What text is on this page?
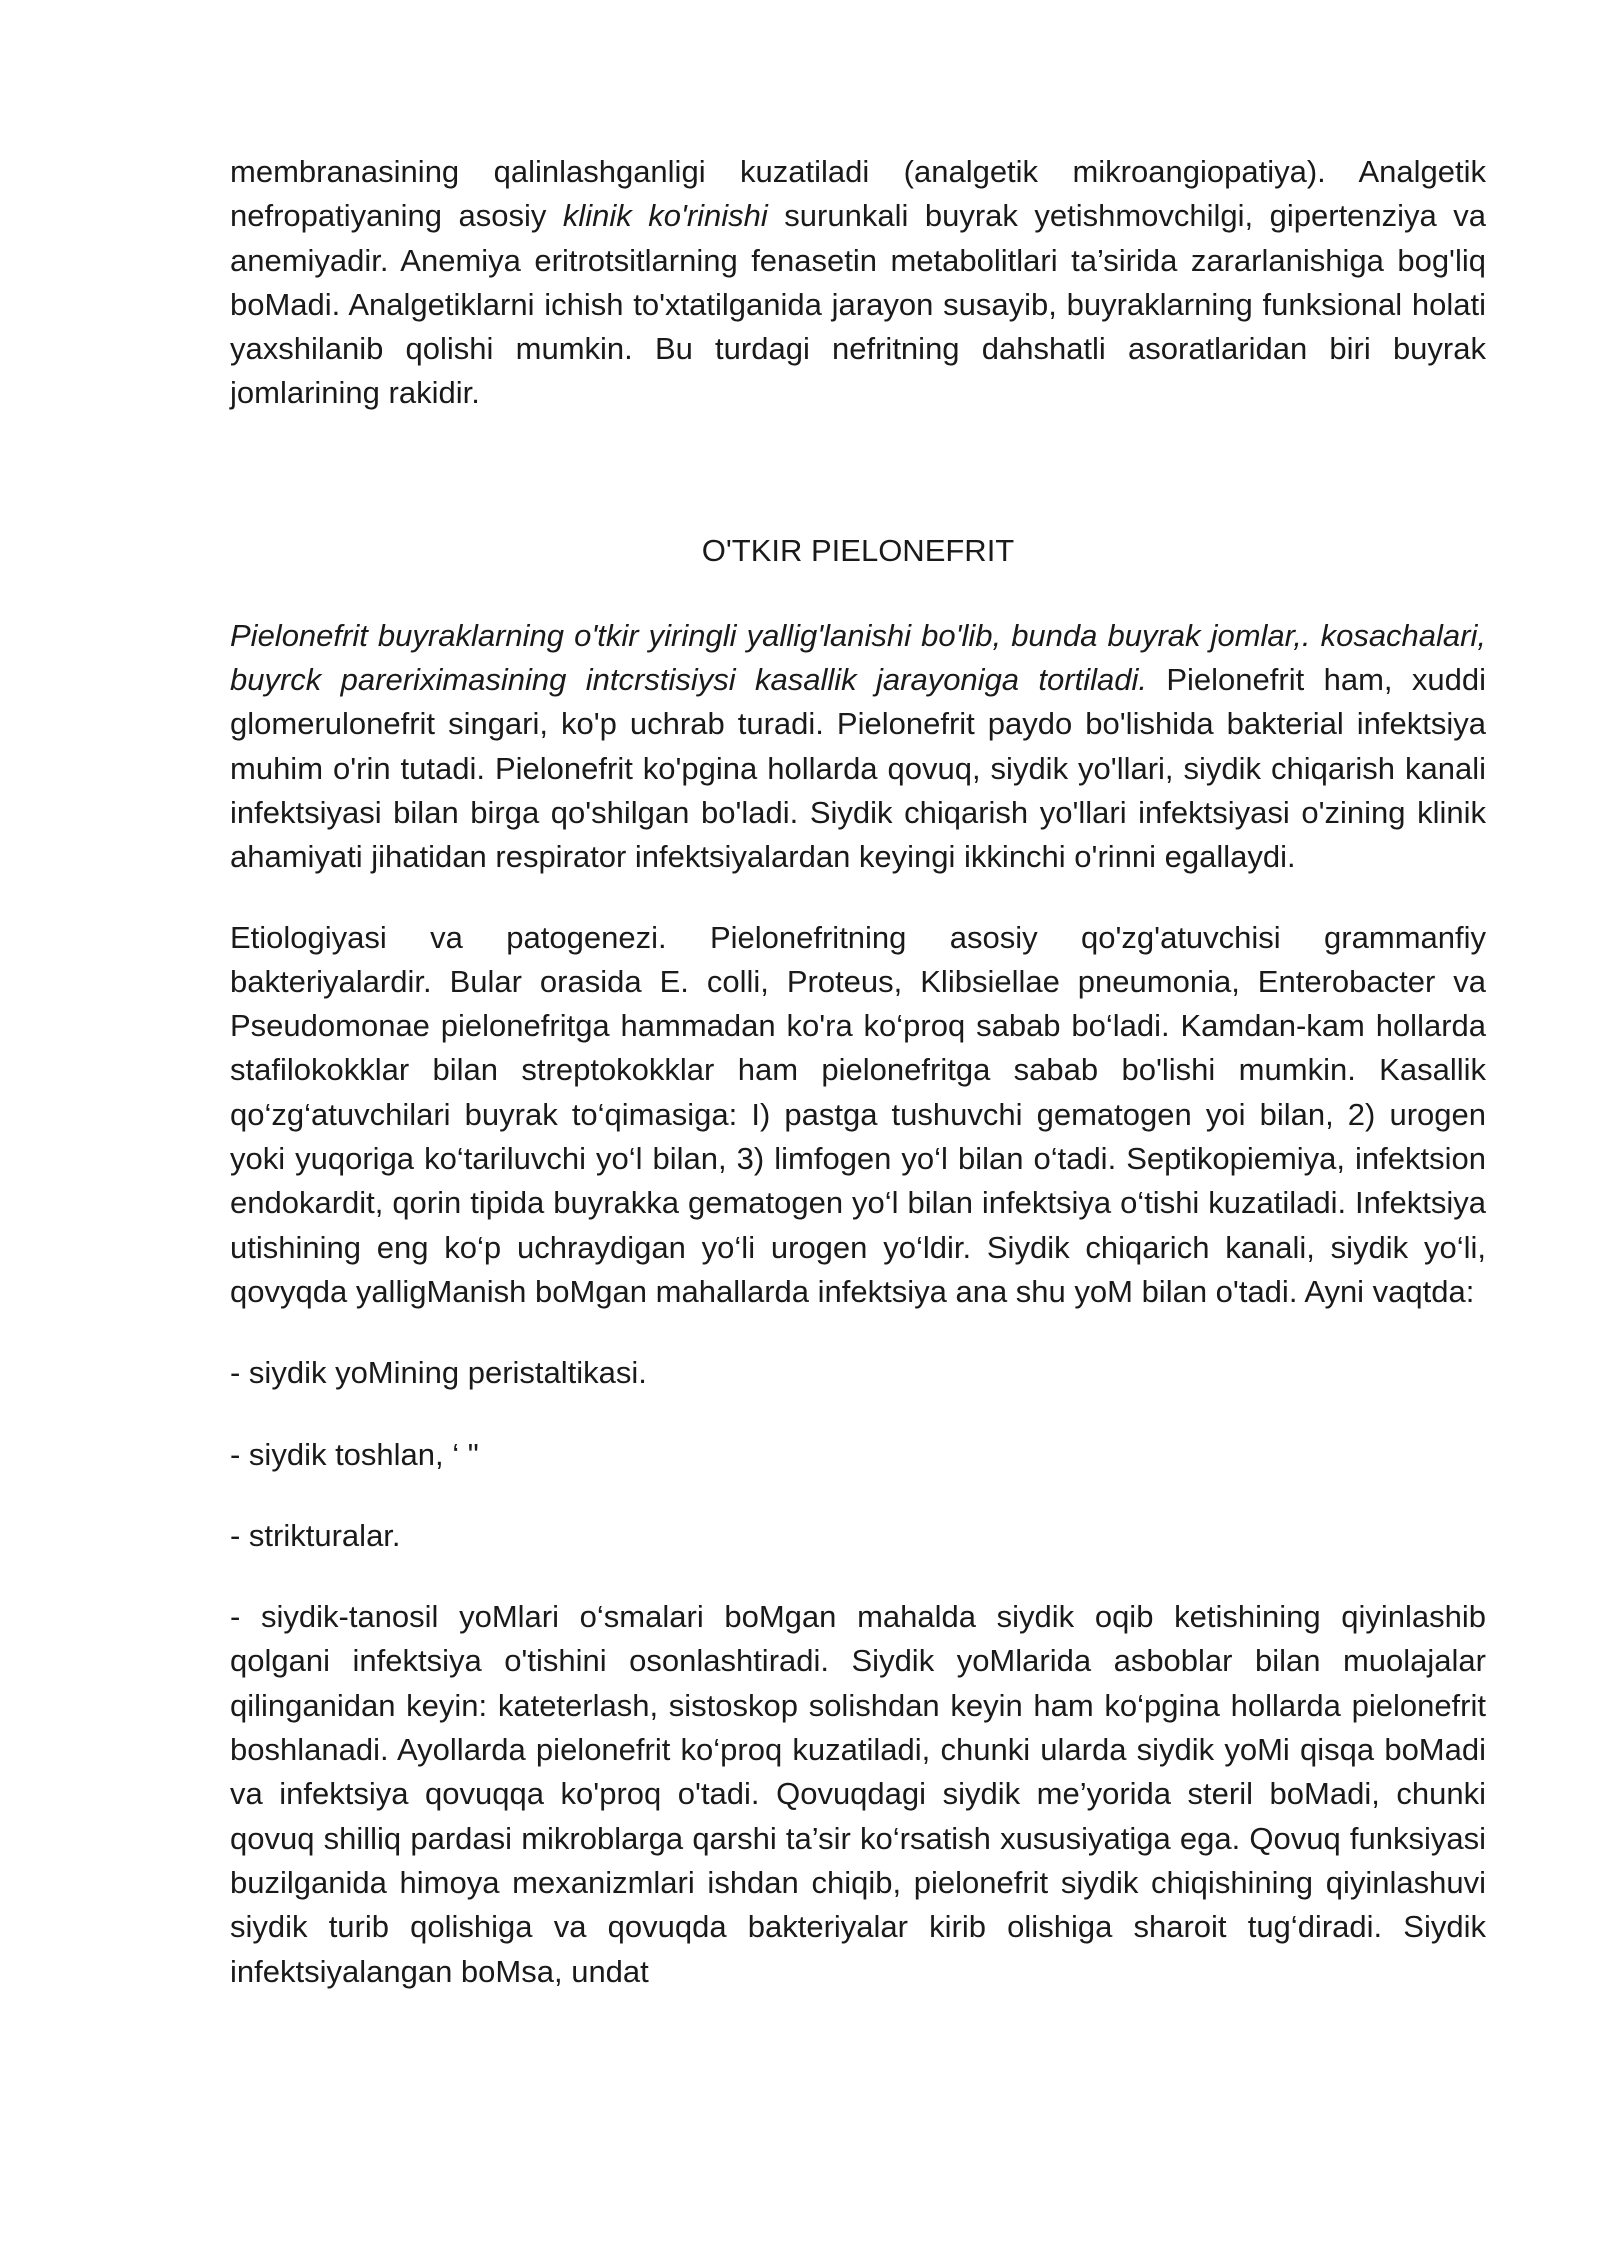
membranasining qalinlashganligi kuzatiladi (analgetik mikroangiopatiya). Analgetik nefropatiyaning asosiy klinik ko'rinishi surunkali buyrak yetishmovchilgi, gipertenziya va anemiyadir. Anemiya eritrotsitlarning fenasetin metabolitlari ta’sirida zararlanishiga bog'liq boMadi. Analgetiklarni ichish to'xtatilganida jarayon susayib, buyraklarning funksional holati yaxshilanib qolishi mumkin. Bu turdagi nefritning dahshatli asoratlaridan biri buyrak jomlarining rakidir.

O'TKIR PIELONEFRIT

Pielonefrit buyraklarning o'tkir yiringli yallig'lanishi bo'lib, bunda buyrak jomlar,. kosachalari, buyrck pareriximasining intcrstisiysi kasallik jarayoniga tortiladi. Pielonefrit ham, xuddi glomerulonefrit singari, ko'p uchrab turadi. Pielonefrit paydo bo'lishida bakterial infektsiya muhim o'rin tutadi. Pielonefrit ko'pgina hollarda qovuq, siydik yo'llari, siydik chiqarish kanali infektsiyasi bilan birga qo'shilgan bo'ladi. Siydik chiqarish yo'llari infektsiyasi o'zining klinik ahamiyati jihatidan respirator infektsiyalardan keyingi ikkinchi o'rinni egallaydi.

Etiologiyasi va patogenezi. Pielonefritning asosiy qo'zg'atuvchisi grammanfiy bakteriyalardir. Bular orasida E. colli, Proteus, Klibsiellae pneumonia, Enterobacter va Pseudomonae pielonefritga hammadan ko'ra ko‘proq sabab bo‘ladi. Kamdan-kam hollarda stafilokokklar bilan streptokokklar ham pielonefritga sabab bo'lishi mumkin. Kasallik qo‘zg‘atuvchilari buyrak to‘qimasiga: I) pastga tushuvchi gematogen yoi bilan, 2) urogen yoki yuqoriga ko‘tariluvchi yo‘l bilan, 3) limfogen yo‘l bilan o‘tadi. Septikopiemiya, infektsion endokardit, qorin tipida buyrakka gematogen yo‘l bilan infektsiya o‘tishi kuzatiladi. Infektsiya utishining eng ko‘p uchraydigan yo‘li urogen yo‘ldir. Siydik chiqarich kanali, siydik yo‘li, qovyqda yalligManish boMgan mahallarda infektsiya ana shu yoM bilan o'tadi. Ayni vaqtda:

- siydik yoMining peristaltikasi.

- siydik toshlan, ‘ "

- strikturalar.

- siydik-tanosil yoMlari o‘smalari boMgan mahalda siydik oqib ketishining qiyinlashib qolgani infektsiya o'tishini osonlashtiradi. Siydik yoMlarida asboblar bilan muolajalar qilinganidan keyin: kateterlash, sistoskop solishdan keyin ham ko‘pgina hollarda pielonefrit boshlanadi. Ayollarda pielonefrit ko‘proq kuzatiladi, chunki ularda siydik yoMi qisqa boMadi va infektsiya qovuqqa ko'proq o'tadi. Qovuqdagi siydik me’yorida steril boMadi, chunki qovuq shilliq pardasi mikroblarga qarshi ta’sir ko‘rsatish xususiyatiga ega. Qovuq funksiyasi buzilganida himoya mexanizmlari ishdan chiqib, pielonefrit siydik chiqishining qiyinlashuvi siydik turib qolishiga va qovuqda bakteriyalar kirib olishiga sharoit tug‘diradi. Siydik infektsiyalangan boMsa, undat
